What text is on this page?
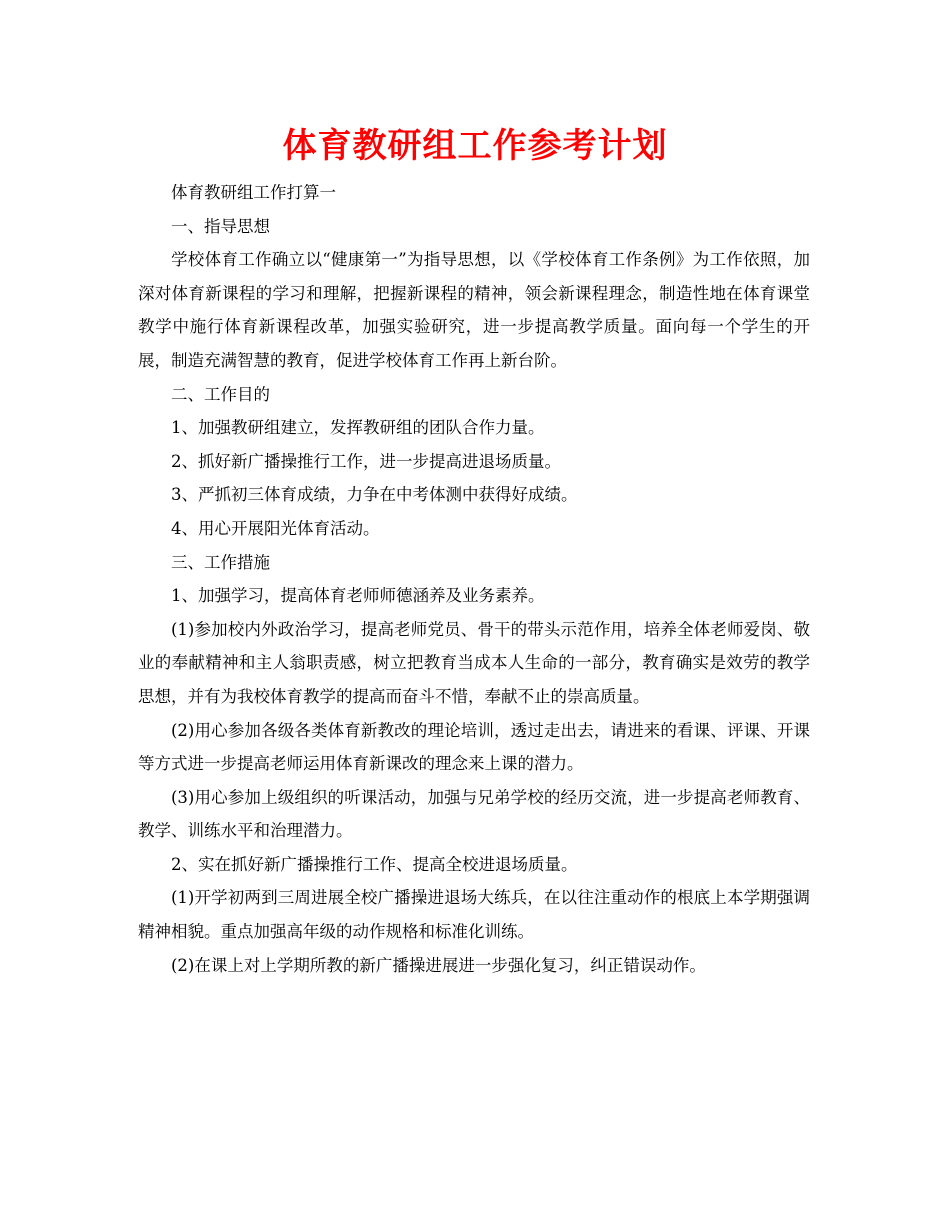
体育教研组工作参考计划

体育教研组工作打算一

一、指导思想

学校体育工作确立以“健康第一”为指导思想，以《学校体育工作条例》为工作依照，加深对体育新课程的学习和理解，把握新课程的精神，领会新课程理念，制造性地在体育课堂教学中施行体育新课程改革，加强实验研究，进一步提高教学质量。面向每一个学生的开展，制造充满智慧的教育，促进学校体育工作再上新台阶。

二、工作目的

1、加强教研组建立，发挥教研组的团队合作力量。

2、抓好新广播操推行工作，进一步提高进退场质量。

3、严抓初三体育成绩，力争在中考体测中获得好成绩。

4、用心开展阳光体育活动。

三、工作措施

1、加强学习，提高体育老师师德涵养及业务素养。

(1)参加校内外政治学习，提高老师党员、骨干的带头示范作用，培养全体老师爱岗、敬业的奉献精神和主人翁职责感，树立把教育当成本人生命的一部分，教育确实是效劳的教学思想，并有为我校体育教学的提高而奋斗不惜，奉献不止的崇高质量。

(2)用心参加各级各类体育新教改的理论培训，透过走出去，请进来的看课、评课、开课等方式进一步提高老师运用体育新课改的理念来上课的潜力。

(3)用心参加上级组织的听课活动，加强与兄弟学校的经历交流，进一步提高老师教育、教学、训练水平和治理潜力。

2、实在抓好新广播操推行工作、提高全校进退场质量。

(1)开学初两到三周进展全校广播操进退场大练兵，在以往注重动作的根底上本学期强调精神相貌。重点加强高年级的动作规格和标准化训练。

(2)在课上对上学期所教的新广播操进展进一步强化复习，纠正错误动作。
